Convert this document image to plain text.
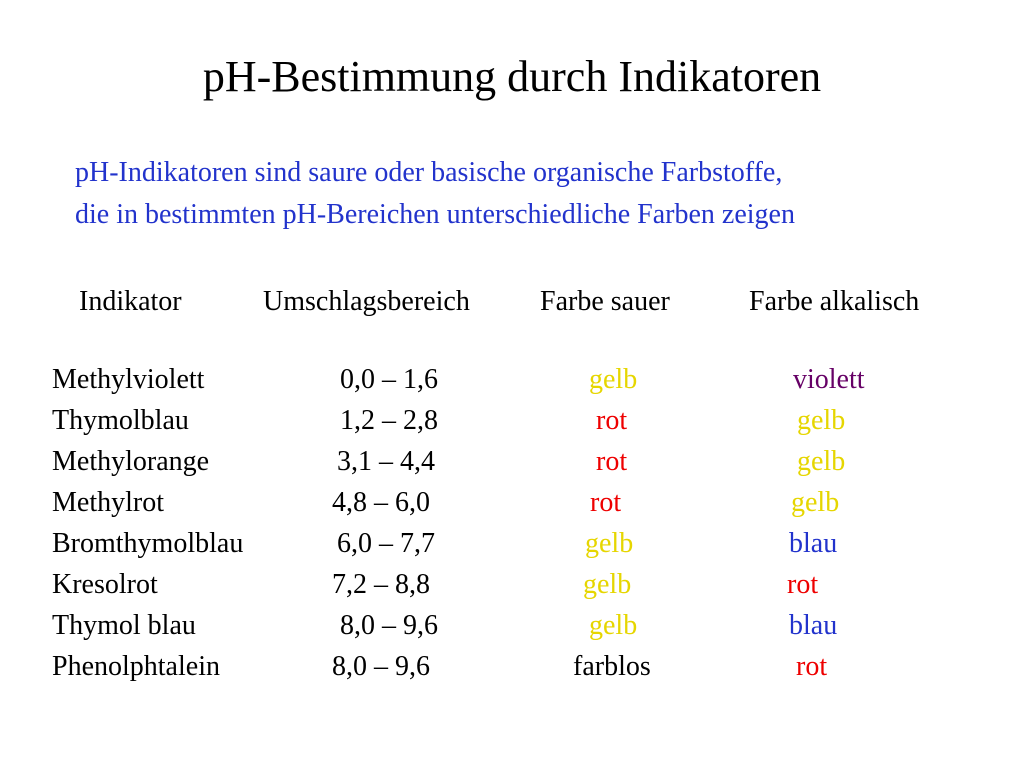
pH-Bestimmung durch Indikatoren
pH-Indikatoren sind saure oder basische organische Farbstoffe,
die in bestimmten pH-Bereichen unterschiedliche Farben zeigen
Indikator	Umschlagsbereich	Farbe sauer	Farbe alkalisch
Methylviolett	0,0 – 1,6	gelb	violett
Thymolblau	1,2 – 2,8	rot	gelb
Methylorange	3,1 – 4,4	rot	gelb
Methylrot	4,8 – 6,0	rot	gelb
Bromthymolblau	6,0 – 7,7	gelb	blau
Kresolrot	7,2 – 8,8	gelb	rot
Thymol blau	8,0 – 9,6	gelb	blau
Phenolphtalein	8,0 – 9,6	farblos	rot
